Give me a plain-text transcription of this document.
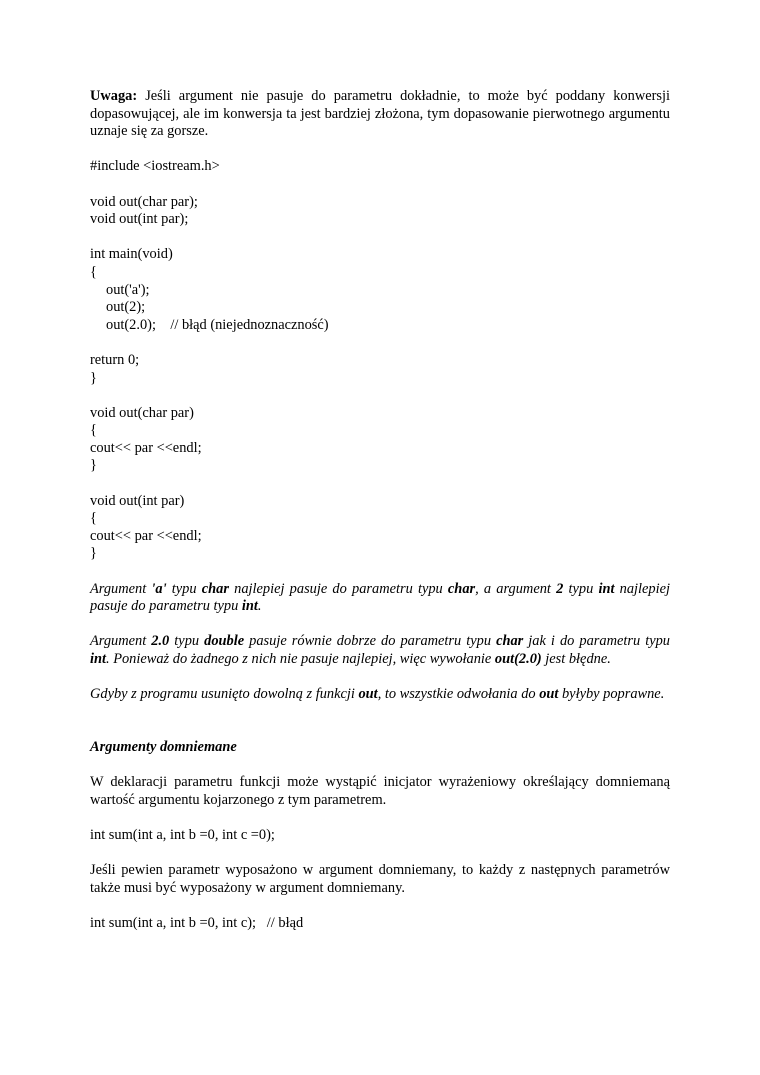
Uwaga: Jeśli argument nie pasuje do parametru dokładnie, to może być poddany konwersji dopasowującej, ale im konwersja ta jest bardziej złożona, tym dopasowanie pierwotnego argumentu uznaje się za gorsze.

#include <iostream.h>

void out(char par);

void out(int par);

int main(void)

{

out('a');

out(2);

out(2.0);    // błąd (niejednoznaczność)

return 0;

}

void out(char par)

{

cout<< par <<endl;

}

void out(int par)

{

cout<< par <<endl;

}

Argument 'a' typu char najlepiej pasuje do parametru typu char, a argument 2 typu int najlepiej pasuje do parametru typu int.

Argument 2.0 typu double pasuje równie dobrze do parametru typu char jak i do parametru typu int. Ponieważ do żadnego z nich nie pasuje najlepiej, więc wywołanie out(2.0) jest błędne.

Gdyby z programu usunięto dowolną z funkcji out, to wszystkie odwołania do out byłyby poprawne.

Argumenty domniemane

W deklaracji parametru funkcji może wystąpić inicjator wyrażeniowy określający domniemaną wartość argumentu kojarzonego z tym parametrem.

int sum(int a, int b =0, int c =0);

Jeśli pewien parametr wyposażono w argument domniemany, to każdy z następnych parametrów także musi być wyposażony w argument domniemany.

int sum(int a, int b =0, int c);   // błąd
